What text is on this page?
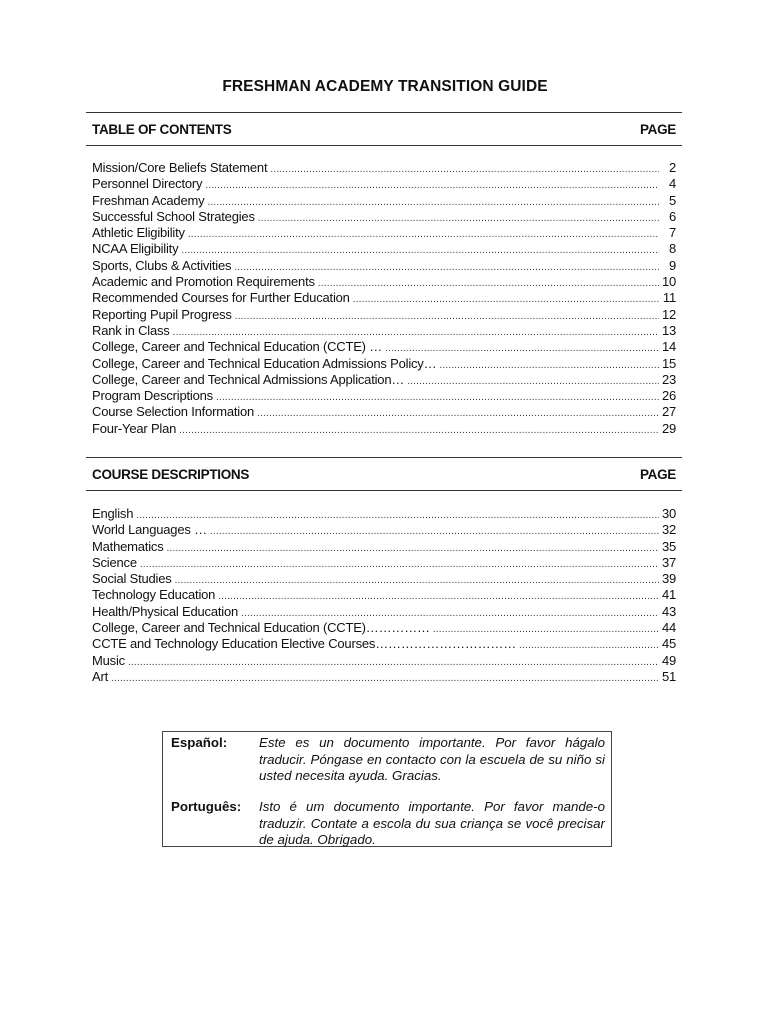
FRESHMAN ACADEMY TRANSITION GUIDE
TABLE OF CONTENTS	PAGE
Mission/Core Beliefs Statement .....	2
Personnel Directory .....	4
Freshman Academy .....	5
Successful School Strategies .....	6
Athletic Eligibility .....	7
NCAA Eligibility .....	8
Sports, Clubs & Activities .....	9
Academic and Promotion Requirements .....	10
Recommended Courses for Further Education .....	11
Reporting Pupil Progress .....	12
Rank in Class .....	13
College, Career and Technical Education (CCTE) … .....	14
College, Career and Technical Education Admissions Policy… .....	15
College, Career and Technical Admissions Application… .....	23
Program Descriptions .....	26
Course Selection Information .....	27
Four-Year Plan .....	29
COURSE DESCRIPTIONS	PAGE
English .....	30
World Languages … .....	32
Mathematics .....	35
Science .....	37
Social Studies .....	39
Technology Education .....	41
Health/Physical Education .....	43
College, Career and Technical Education (CCTE)…………… .....	44
CCTE and Technology Education Elective Courses…………………………… .....	45
Music .....	49
Art .....	51
Español:	Este es un documento importante. Por favor hágalo traducir. Póngase en contacto con la escuela de su niño si usted necesita ayuda. Gracias.
Português:	Isto é um documento importante. Por favor mande-o traduzir. Contate a escola du sua criança se você precisar de ajuda. Obrigado.
